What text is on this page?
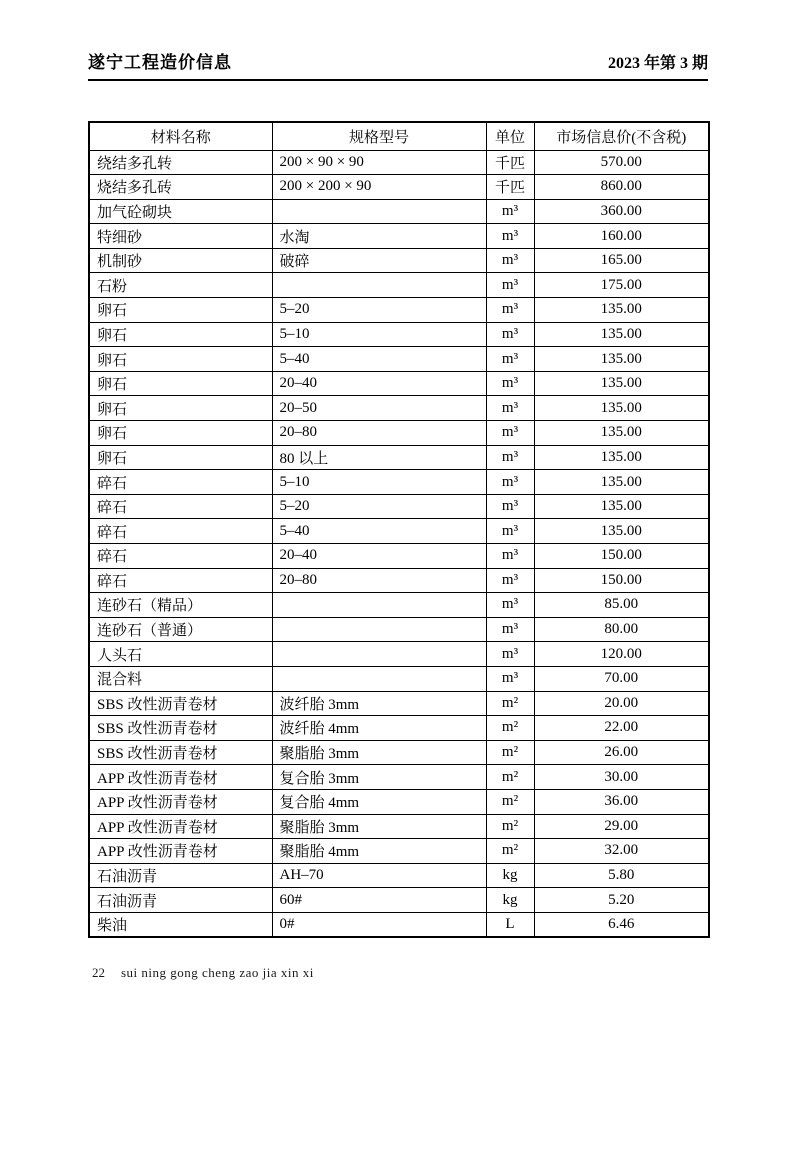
遂宁工程造价信息	2023 年第 3 期
材料名称	规格型号	单位	市场信息价(不含税)
绕结多孔转	200 × 90 × 90	千匹	570.00
烧结多孔砖	200 × 200 × 90	千匹	860.00
加气砼砌块		m³	360.00
特细砂	水淘	m³	160.00
机制砂	破碎	m³	165.00
石粉		m³	175.00
卵石	5–20	m³	135.00
卵石	5–10	m³	135.00
卵石	5–40	m³	135.00
卵石	20–40	m³	135.00
卵石	20–50	m³	135.00
卵石	20–80	m³	135.00
卵石	80 以上	m³	135.00
碎石	5–10	m³	135.00
碎石	5–20	m³	135.00
碎石	5–40	m³	135.00
碎石	20–40	m³	150.00
碎石	20–80	m³	150.00
连砂石（精品）		m³	85.00
连砂石（普通）		m³	80.00
人头石		m³	120.00
混合料		m³	70.00
SBS 改性沥青卷材	波纤胎 3mm	m²	20.00
SBS 改性沥青卷材	波纤胎 4mm	m²	22.00
SBS 改性沥青卷材	聚脂胎 3mm	m²	26.00
APP 改性沥青卷材	复合胎 3mm	m²	30.00
APP 改性沥青卷材	复合胎 4mm	m²	36.00
APP 改性沥青卷材	聚脂胎 3mm	m²	29.00
APP 改性沥青卷材	聚脂胎 4mm	m²	32.00
石油沥青	AH–70	kg	5.80
石油沥青	60#	kg	5.20
柴油	0#	L	6.46
22 sui ning gong cheng zao jia xin xi
